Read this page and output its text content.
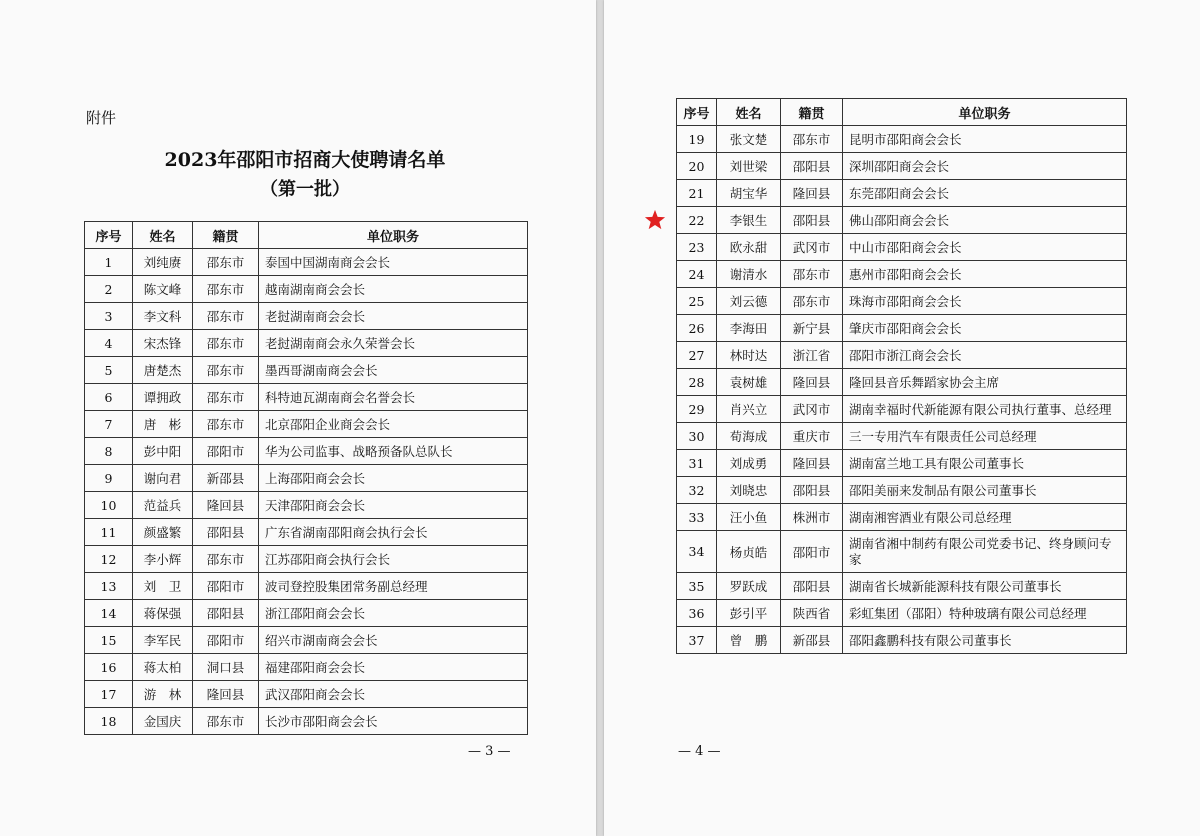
附件
2023年邵阳市招商大使聘请名单
（第一批）
序号	姓名	籍贯	单位职务
1	刘纯赓	邵东市	泰国中国湖南商会会长
2	陈文峰	邵东市	越南湖南商会会长
3	李文科	邵东市	老挝湖南商会会长
4	宋杰锋	邵东市	老挝湖南商会永久荣誉会长
5	唐楚杰	邵东市	墨西哥湖南商会会长
6	谭拥政	邵东市	科特迪瓦湖南商会名誉会长
7	唐　彬	邵东市	北京邵阳企业商会会长
8	彭中阳	邵阳市	华为公司监事、战略预备队总队长
9	谢向君	新邵县	上海邵阳商会会长
10	范益兵	隆回县	天津邵阳商会会长
11	颜盛繁	邵阳县	广东省湖南邵阳商会执行会长
12	李小辉	邵东市	江苏邵阳商会执行会长
13	刘　卫	邵阳市	波司登控股集团常务副总经理
14	蒋保强	邵阳县	浙江邵阳商会会长
15	李军民	邵阳市	绍兴市湖南商会会长
16	蒋太柏	洞口县	福建邵阳商会会长
17	游　林	隆回县	武汉邵阳商会会长
18	金国庆	邵东市	长沙市邵阳商会会长
— 3 —	— 4 —
序号	姓名	籍贯	单位职务
19	张文楚	邵东市	昆明市邵阳商会会长
20	刘世梁	邵阳县	深圳邵阳商会会长
21	胡宝华	隆回县	东莞邵阳商会会长
22	李银生	邵阳县	佛山邵阳商会会长
23	欧永甜	武冈市	中山市邵阳商会会长
24	谢清水	邵东市	惠州市邵阳商会会长
25	刘云德	邵东市	珠海市邵阳商会会长
26	李海田	新宁县	肇庆市邵阳商会会长
27	林时达	浙江省	邵阳市浙江商会会长
28	袁树雄	隆回县	隆回县音乐舞蹈家协会主席
29	肖兴立	武冈市	湖南幸福时代新能源有限公司执行董事、总经理
30	荀海成	重庆市	三一专用汽车有限责任公司总经理
31	刘成勇	隆回县	湖南富兰地工具有限公司董事长
32	刘晓忠	邵阳县	邵阳美丽来发制品有限公司董事长
33	汪小鱼	株洲市	湖南湘窖酒业有限公司总经理
34	杨贞皓	邵阳市	湖南省湘中制药有限公司党委书记、终身顾问专家
35	罗跃成	邵阳县	湖南省长城新能源科技有限公司董事长
36	彭引平	陕西省	彩虹集团（邵阳）特种玻璃有限公司总经理
37	曾　鹏	新邵县	邵阳鑫鹏科技有限公司董事长
